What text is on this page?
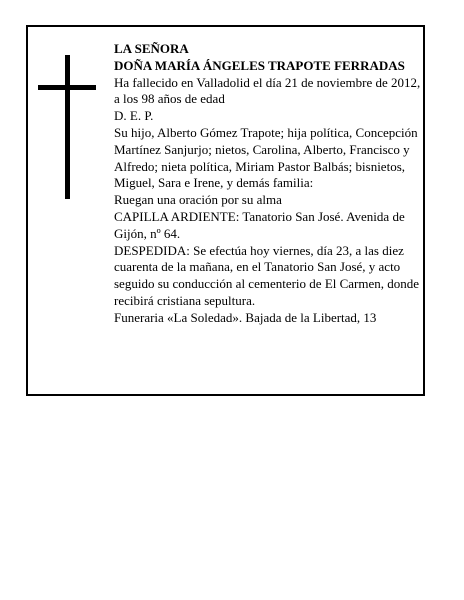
LA SEÑORA

DOÑA MARÍA ÁNGELES TRAPOTE FERRADAS

Ha fallecido en Valladolid el día 21 de noviembre de 2012, a los 98 años de edad

D. E. P.

Su hijo, Alberto Gómez Trapote; hija política, Concepción Martínez Sanjurjo; nietos, Carolina, Alberto, Francisco y Alfredo; nieta política, Miriam Pastor Balbás; bisnietos, Miguel, Sara e Irene, y demás familia:

Ruegan una oración por su alma

CAPILLA ARDIENTE: Tanatorio San José. Avenida de Gijón, nº 64.

DESPEDIDA: Se efectúa hoy viernes, día 23, a las diez cuarenta de la mañana, en el Tanatorio San José, y acto seguido su conducción al cementerio de El Carmen, donde recibirá cristiana sepultura.

Funeraria «La Soledad». Bajada de la Libertad, 13
